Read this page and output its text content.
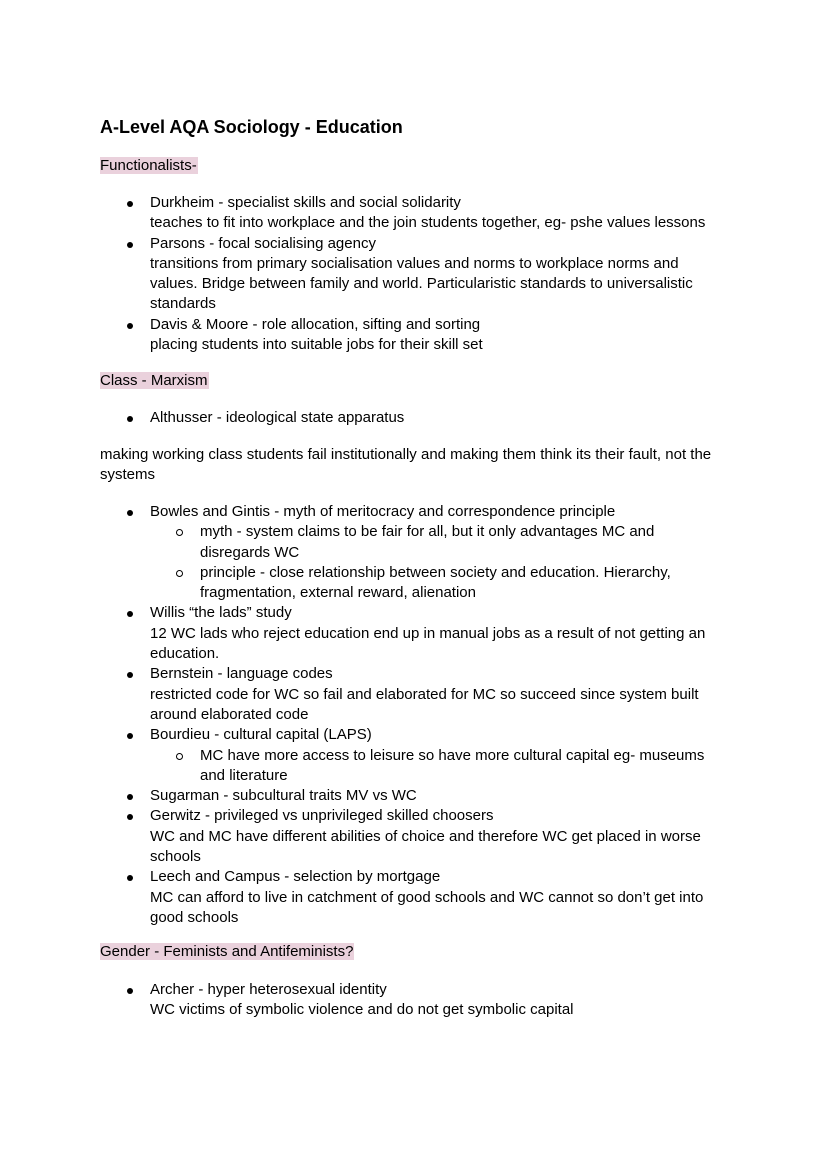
A-Level AQA Sociology - Education
Functionalists-
Durkheim - specialist skills and social solidarity
teaches to fit into workplace and the join students together, eg- pshe values lessons
Parsons - focal socialising agency
transitions from primary socialisation values and norms to workplace norms and values. Bridge between family and world. Particularistic standards to universalistic standards
Davis & Moore - role allocation, sifting and sorting
placing students into suitable jobs for their skill set
Class - Marxism
Althusser - ideological state apparatus
making working class students fail institutionally and making them think its their fault, not the systems
Bowles and Gintis - myth of meritocracy and correspondence principle
myth - system claims to be fair for all, but it only advantages MC and disregards WC
principle - close relationship between society and education. Hierarchy, fragmentation, external reward, alienation
Willis “the lads” study
12 WC lads who reject education end up in manual jobs as a result of not getting an education.
Bernstein - language codes
restricted code for WC so fail and elaborated for MC so succeed since system built around elaborated code
Bourdieu - cultural capital (LAPS)
MC have more access to leisure so have more cultural capital eg- museums and literature
Sugarman - subcultural traits MV vs WC
Gerwitz - privileged vs unprivileged skilled choosers
WC and MC have different abilities of choice and therefore WC get placed in worse schools
Leech and Campus - selection by mortgage
MC can afford to live in catchment of good schools and WC cannot so don’t get into good schools
Gender - Feminists and Antifeminists?
Archer - hyper heterosexual identity
WC victims of symbolic violence and do not get symbolic capital
